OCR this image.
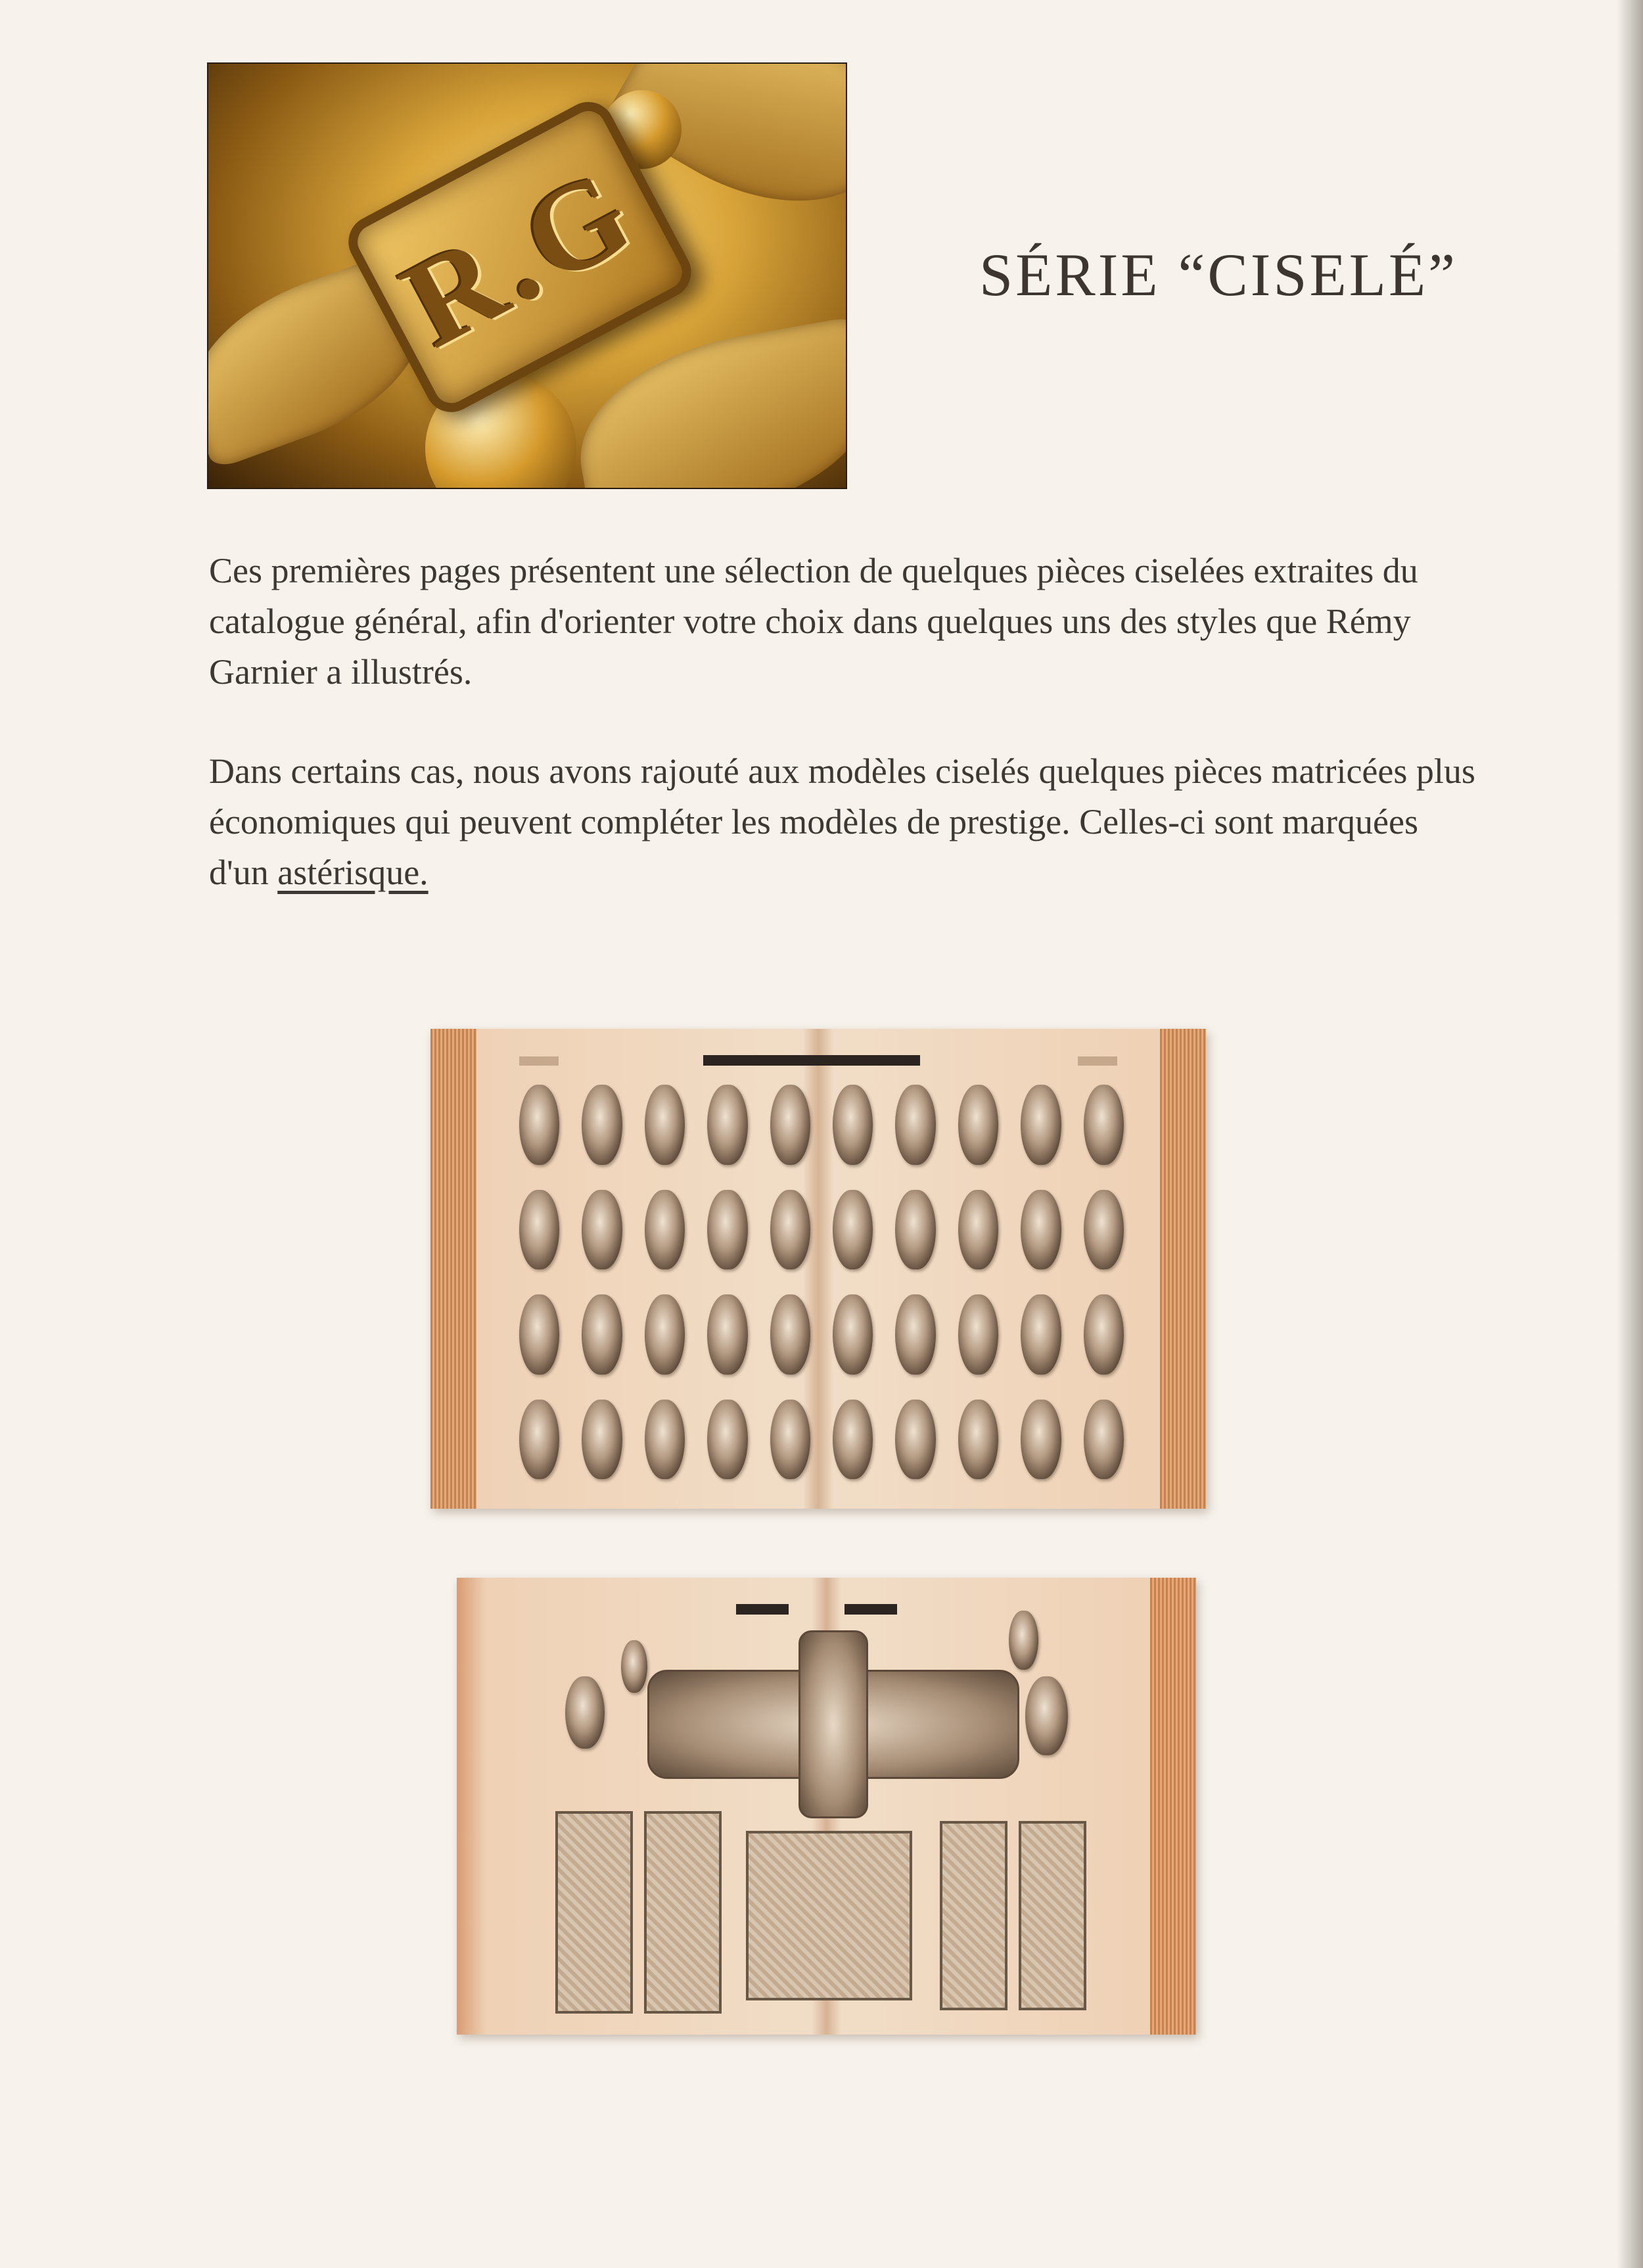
R.G	SÉRIE “CISELÉ”

Ces premières pages présentent une sélection de quelques pièces ciselées extraites du catalogue général, afin d'orienter votre choix dans quelques uns des styles que Rémy Garnier a illustrés.

Dans certains cas, nous avons rajouté aux modèles ciselés quelques pièces matricées plus économiques qui peuvent compléter les modèles de prestige. Celles-ci sont marquées d'un astérisque.
